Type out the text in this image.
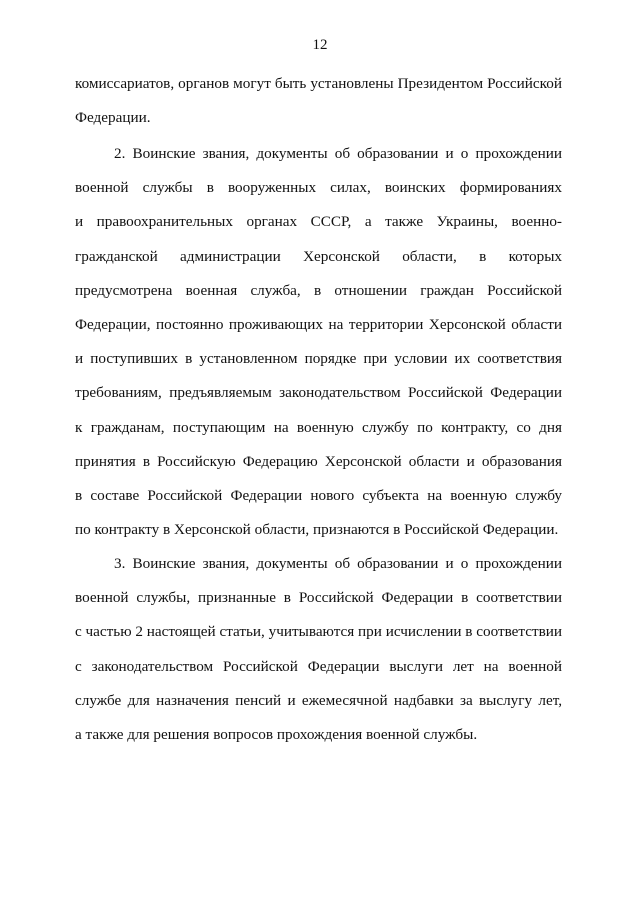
12
комиссариатов, органов могут быть установлены Президентом Российской
Федерации.
2. Воинские звания, документы об образовании и о прохождении
военной службы в вооруженных силах, воинских формированиях
и правоохранительных органах СССР, а также Украины, военно-
гражданской администрации Херсонской области, в которых
предусмотрена военная служба, в отношении граждан Российской
Федерации, постоянно проживающих на территории Херсонской области
и поступивших в установленном порядке при условии их соответствия
требованиям, предъявляемым законодательством Российской Федерации
к гражданам, поступающим на военную службу по контракту, со дня
принятия в Российскую Федерацию Херсонской области и образования
в составе Российской Федерации нового субъекта на военную службу
по контракту в Херсонской области, признаются в Российской Федерации.
3. Воинские звания, документы об образовании и о прохождении
военной службы, признанные в Российской Федерации в соответствии
с частью 2 настоящей статьи, учитываются при исчислении в соответствии
с законодательством Российской Федерации выслуги лет на военной
службе для назначения пенсий и ежемесячной надбавки за выслугу лет,
а также для решения вопросов прохождения военной службы.
